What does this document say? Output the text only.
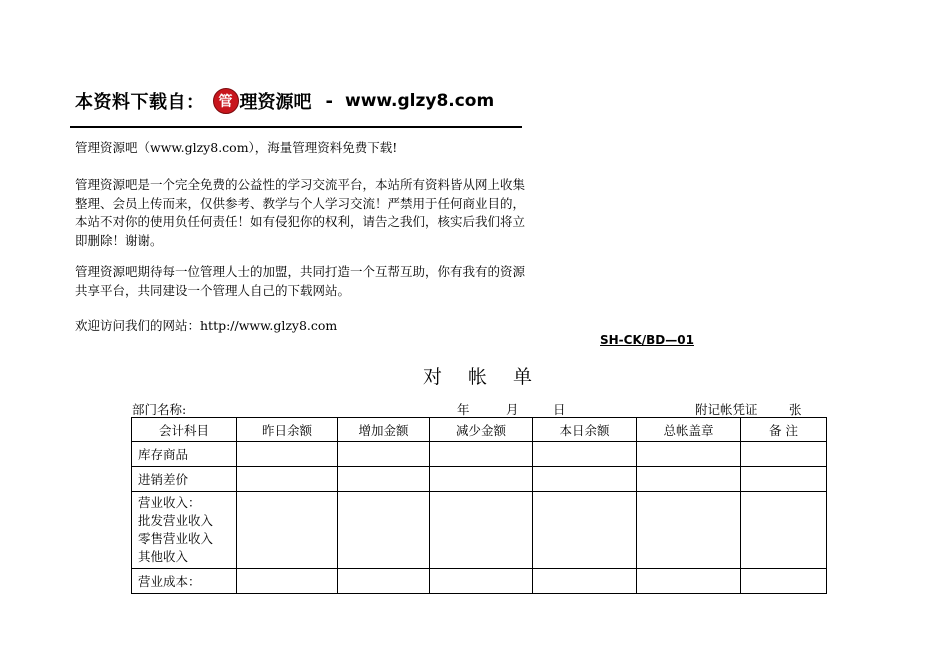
本资料下载自：	管 理资源吧 - www.glzy8.com

管理资源吧（www.glzy8.com），海量管理资料免费下载!

管理资源吧是一个完全免费的公益性的学习交流平台，本站所有资料皆从网上收集整理、会员上传而来，仅供参考、教学与个人学习交流！严禁用于任何商业目的，本站不对你的使用负任何责任！如有侵犯你的权利，请告之我们，核实后我们将立即删除！谢谢。

管理资源吧期待每一位管理人士的加盟，共同打造一个互帮互助，你有我有的资源共享平台，共同建设一个管理人自己的下载网站。

欢迎访问我们的网站：http://www.glzy8.com

SH-CK/BD—01
对 帐 单
部门名称:	年	月	日	附记帐凭证	张
会计科目	昨日余额	增加金额	减少金额	本日余额	总帐盖章	备 注
库存商品						
进销差价						

营业收入：
批发营业收入
零售营业收入
其他收入						

营业成本：						
